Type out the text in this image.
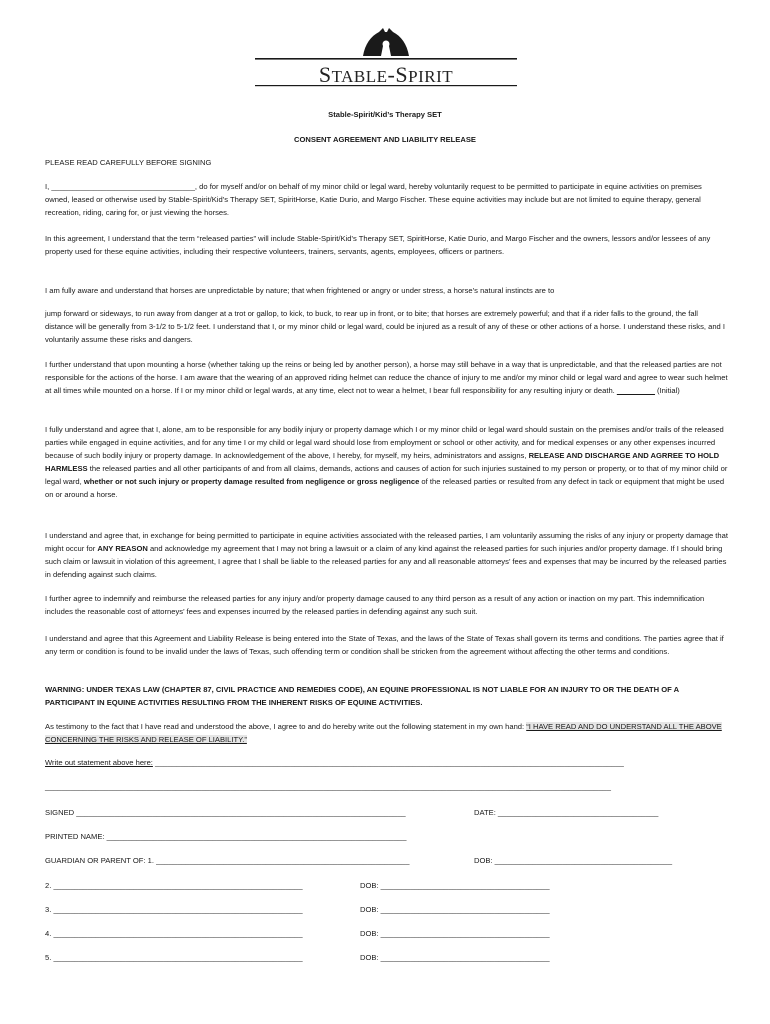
STABLE-SPIRIT
Stable-Spirit/Kid’s Therapy SET
CONSENT AGREEMENT AND LIABILITY RELEASE
PLEASE READ CAREFULLY BEFORE SIGNING
I, __________________________________, do for myself and/or on behalf of my minor child or legal ward, hereby voluntarily request to be permitted to participate in equine activities on premises owned, leased or otherwise used by Stable-Spirit/Kid’s Therapy SET, SpiritHorse, Katie Durio, and Margo Fischer. These equine activities may include but are not limited to equine therapy, general recreation, riding, caring for, or just viewing the horses.
In this agreement, I understand that the term “released parties” will include Stable-Spirit/Kid’s Therapy SET, SpiritHorse, Katie Durio, and Margo Fischer and the owners, lessors and/or lessees of any property used for these equine activities, including their respective volunteers, trainers, servants, agents, employees, officers or partners.
I am fully aware and understand that horses are unpredictable by nature; that when frightened or angry or under stress, a horse’s natural instincts are to
jump forward or sideways, to run away from danger at a trot or gallop, to kick, to buck, to rear up in front, or to bite; that horses are extremely powerful; and that if a rider falls to the ground, the fall distance will be generally from 3-1/2 to 5-1/2 feet. I understand that I, or my minor child or legal ward, could be injured as a result of any of these or other actions of a horse. I understand these risks, and I voluntarily assume these risks and dangers.
I further understand that upon mounting a horse (whether taking up the reins or being led by another person), a horse may still behave in a way that is unpredictable, and that the released parties are not responsible for the actions of the horse. I am aware that the wearing of an approved riding helmet can reduce the chance of injury to me and/or my minor child or legal ward and agree to wear such helmet at all times while mounted on a horse. If I or my minor child or legal wards, at any time, elect not to wear a helmet, I bear full responsibility for any resulting injury or death. _________ (Initial)
I fully understand and agree that I, alone, am to be responsible for any bodily injury or property damage which I or my minor child or legal ward should sustain on the premises and/or trails of the released parties while engaged in equine activities, and for any time I or my child or legal ward should lose from employment or school or other activity, and for medical expenses or any other expenses incurred because of such bodily injury or property damage. In acknowledgement of the above, I hereby, for myself, my heirs, administrators and assigns, RELEASE AND DISCHARGE AND AGRREE TO HOLD HARMLESS the released parties and all other participants of and from all claims, demands, actions and causes of action for such injuries sustained to my person or property, or to that of my minor child or legal ward, whether or not such injury or property damage resulted from negligence or gross negligence of the released parties or resulted from any defect in tack or equipment that might be used on or around a horse.
I understand and agree that, in exchange for being permitted to participate in equine activities associated with the released parties, I am voluntarily assuming the risks of any injury or property damage that might occur for ANY REASON and acknowledge my agreement that I may not bring a lawsuit or a claim of any kind against the released parties for such injuries and/or property damage. If I should bring such claim or lawsuit in violation of this agreement, I agree that I shall be liable to the released parties for any and all reasonable attorneys’ fees and expenses that may be incurred by the released parties in defending against such claims.
I further agree to indemnify and reimburse the released parties for any injury and/or property damage caused to any third person as a result of any action or inaction on my part. This indemnification includes the reasonable cost of attorneys’ fees and expenses incurred by the released parties in defending against any such suit.
I understand and agree that this Agreement and Liability Release is being entered into the State of Texas, and the laws of the State of Texas shall govern its terms and conditions. The parties agree that if any term or condition is found to be invalid under the laws of Texas, such offending term or condition shall be stricken from the agreement without affecting the other terms and conditions.
WARNING: UNDER TEXAS LAW (CHAPTER 87, CIVIL PRACTICE AND REMEDIES CODE), AN EQUINE PROFESSIONAL IS NOT LIABLE FOR AN INJURY TO OR THE DEATH OF A PARTICIPANT IN EQUINE ACTIVITIES RESULTING FROM THE INHERENT RISKS OF EQUINE ACTIVITIES.
As testimony to the fact that I have read and understood the above, I agree to and do hereby write out the following statement in my own hand: “I HAVE READ AND DO UNDERSTAND ALL THE ABOVE CONCERNING THE RISKS AND RELEASE OF LIABILITY.”
Write out statement above here: _______________________________________________________________________________________________________________
______________________________________________________________________________________________________________________________________
SIGNED ______________________________________________________________________________	DATE: ______________________________________
PRINTED NAME: _______________________________________________________________________
GUARDIAN OR PARENT OF: 1. ____________________________________________________________	DOB: __________________________________________
2. ___________________________________________________________	DOB: ________________________________________
3. ___________________________________________________________	DOB: ________________________________________
4. ___________________________________________________________	DOB: ________________________________________
5. ___________________________________________________________	DOB: ________________________________________
